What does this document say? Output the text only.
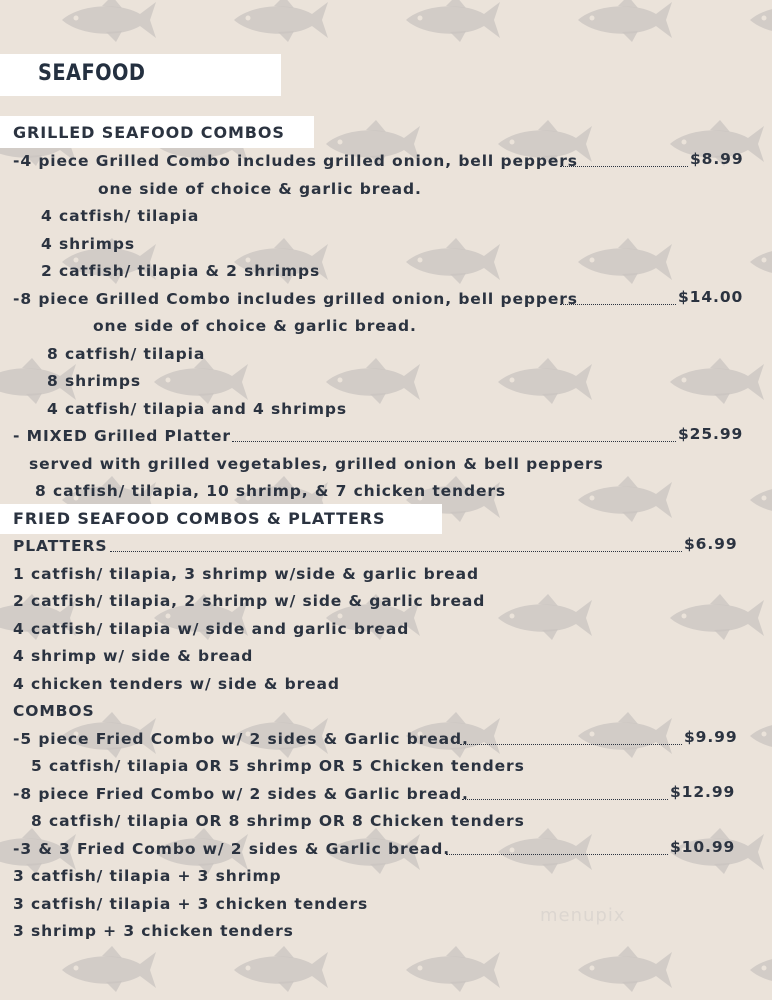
SEAFOOD
GRILLED SEAFOOD COMBOS
-4 piece Grilled Combo includes grilled onion, bell peppers	$8.99
one side of choice & garlic bread.
4 catfish/ tilapia
4 shrimps
2 catfish/ tilapia & 2 shrimps
-8 piece Grilled Combo includes grilled onion, bell peppers	$14.00
one side of choice & garlic bread.
8 catfish/ tilapia
8 shrimps
4 catfish/ tilapia and 4 shrimps
- MIXED Grilled Platter	$25.99
served with grilled vegetables, grilled onion & bell peppers
8 catfish/ tilapia, 10 shrimp, & 7 chicken tenders
FRIED SEAFOOD COMBOS & PLATTERS
PLATTERS	$6.99
1 catfish/ tilapia, 3 shrimp w/side & garlic bread
2 catfish/ tilapia, 2 shrimp w/ side & garlic bread
4 catfish/ tilapia w/ side and garlic bread
4 shrimp w/ side & bread
4 chicken tenders w/ side & bread
COMBOS
-5 piece Fried Combo w/ 2 sides & Garlic bread.	$9.99
5 catfish/ tilapia OR 5 shrimp OR 5 Chicken tenders
-8 piece Fried Combo w/ 2 sides & Garlic bread.	$12.99
8 catfish/ tilapia OR 8 shrimp OR 8 Chicken tenders
-3 & 3 Fried Combo w/ 2 sides & Garlic bread.	$10.99
3 catfish/ tilapia + 3 shrimp
3 catfish/ tilapia + 3 chicken tenders
3 shrimp + 3 chicken tenders
menupix
